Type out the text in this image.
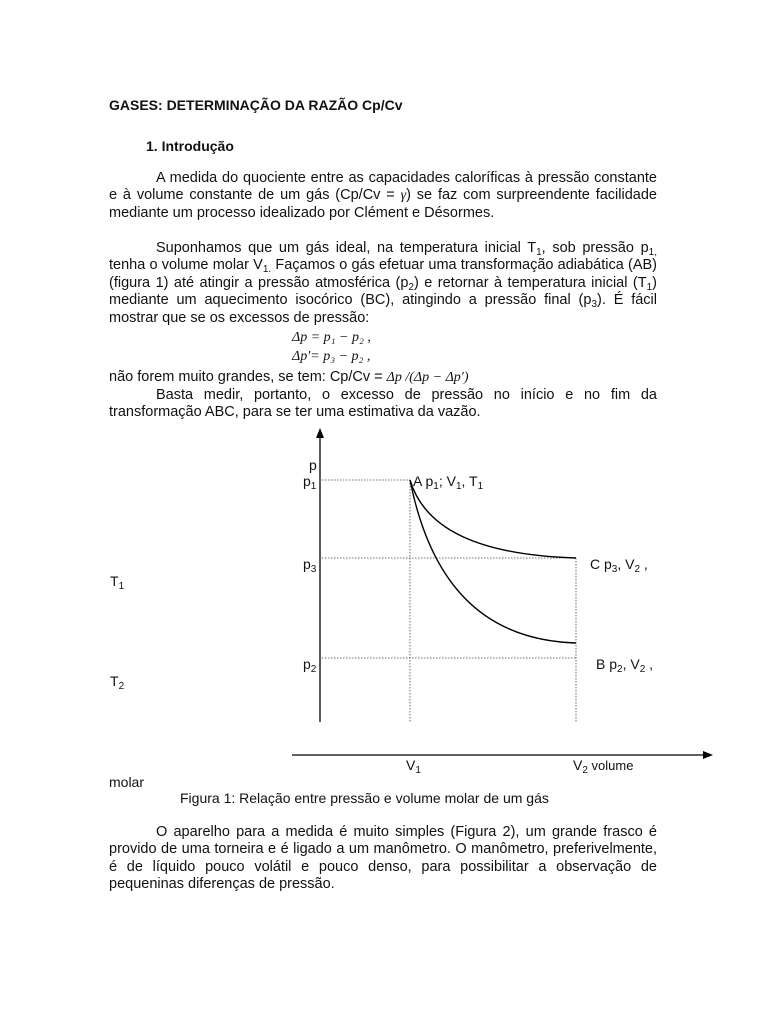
GASES: DETERMINAÇÃO DA RAZÃO Cp/Cv
1. Introdução
A medida do quociente entre as capacidades caloríficas à pressão constante e à volume constante de um gás (Cp/Cv = γ) se faz com surpreendente facilidade mediante um processo idealizado por Clément e Désormes.
Suponhamos que um gás ideal, na temperatura inicial $T_1$, sob pressão $p_{1,}$ tenha o volume molar $V_{1.}$ Façamos o gás efetuar uma transformação adiabática (AB) (figura 1) até atingir a pressão atmosférica $(p_2)$ e retornar à temperatura inicial $(T_1)$ mediante um aquecimento isocórico (BC), atingindo a pressão final $(p_3)$. É fácil mostrar que se os excessos de pressão:
Δp = p₁ − p₂ ,
Δp′= p₃ − p₂ ,
não forem muito grandes, se tem: Cp/Cv = Δp /(Δp − Δp′)
Basta medir, portanto, o excesso de pressão no início e no fim da transformação ABC, para se ter uma estimativa da vazão.
p
$p_1$
$p_3$
$p_2$
A $p_1$; $V_1$, $T_1$
C $p_3$, $V_2$ ,
B $p_2$, $V_2$ ,
$T_1$
$T_2$
$V_1$	$V_2$ volume
molar
Figura 1: Relação entre pressão e volume molar de um gás
O aparelho para a medida é muito simples (Figura 2), um grande frasco é provido de uma torneira e é ligado a um manômetro. O manômetro, preferivelmente, é de líquido pouco volátil e pouco denso, para possibilitar a observação de pequeninas diferenças de pressão.
